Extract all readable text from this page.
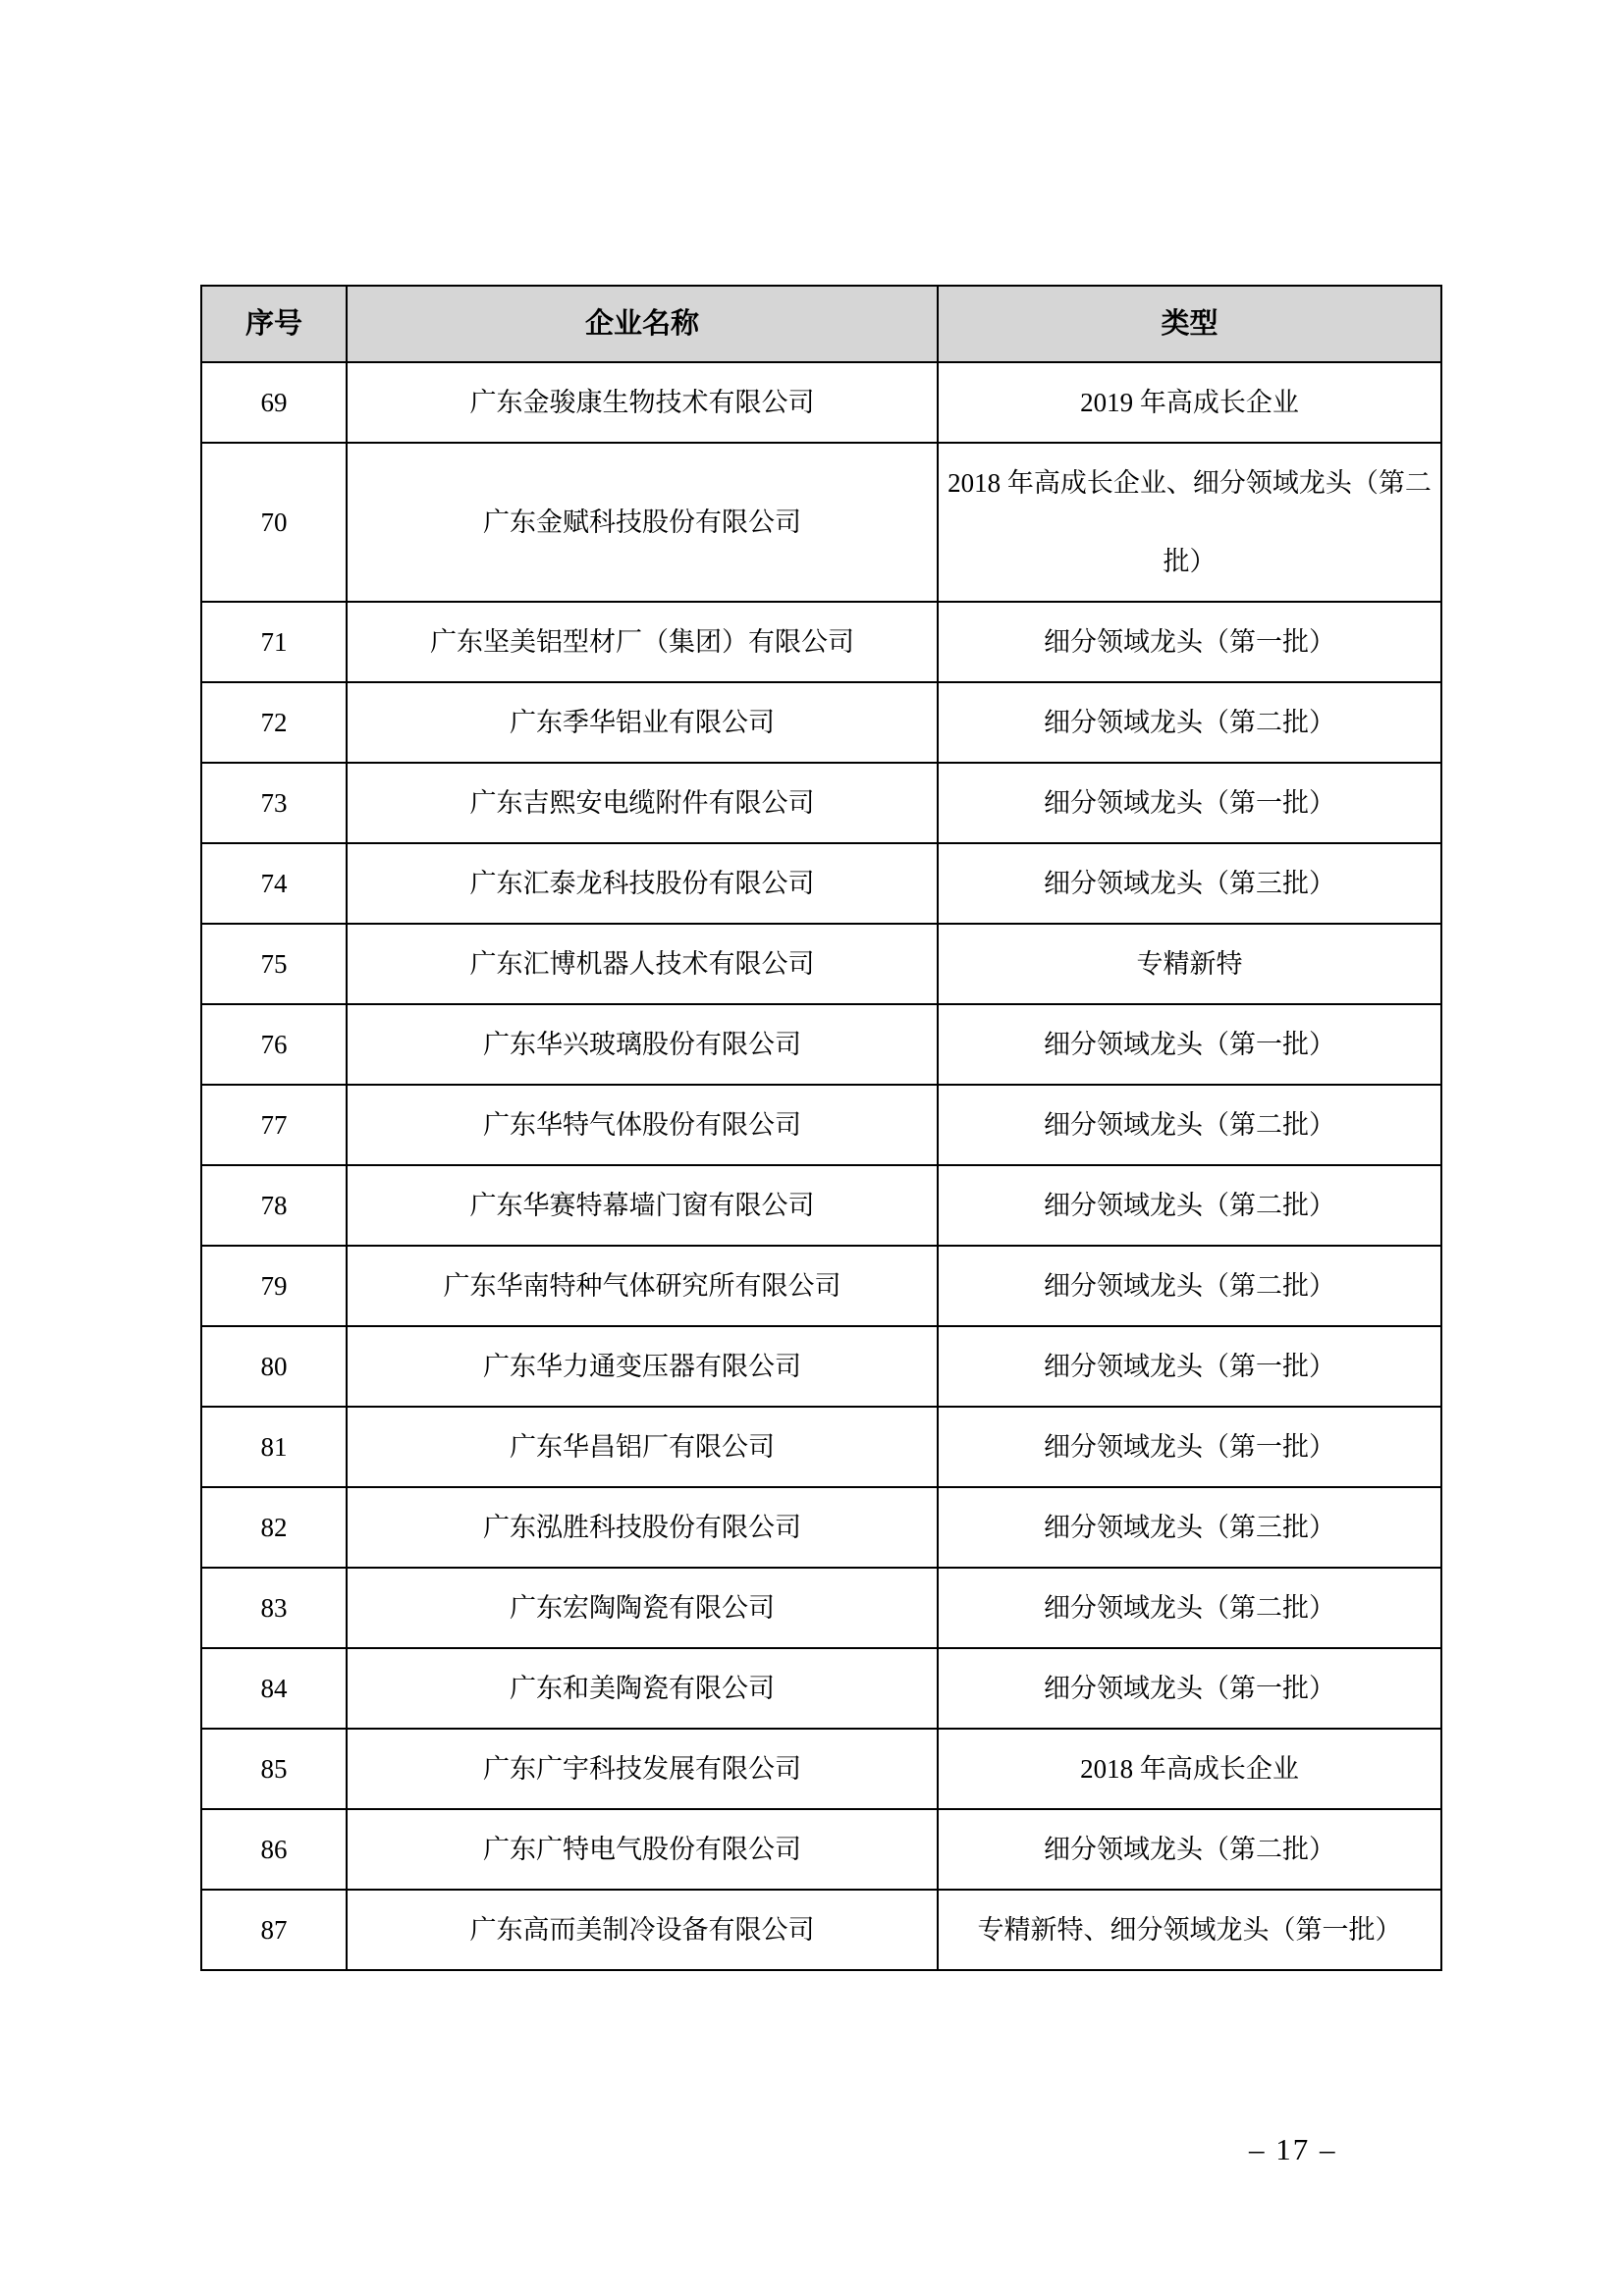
序号	企业名称	类型
69	广东金骏康生物技术有限公司	2019 年高成长企业
70	广东金赋科技股份有限公司	2018 年高成长企业、细分领域龙头（第二批）
71	广东坚美铝型材厂（集团）有限公司	细分领域龙头（第一批）
72	广东季华铝业有限公司	细分领域龙头（第二批）
73	广东吉熙安电缆附件有限公司	细分领域龙头（第一批）
74	广东汇泰龙科技股份有限公司	细分领域龙头（第三批）
75	广东汇博机器人技术有限公司	专精新特
76	广东华兴玻璃股份有限公司	细分领域龙头（第一批）
77	广东华特气体股份有限公司	细分领域龙头（第二批）
78	广东华赛特幕墙门窗有限公司	细分领域龙头（第二批）
79	广东华南特种气体研究所有限公司	细分领域龙头（第二批）
80	广东华力通变压器有限公司	细分领域龙头（第一批）
81	广东华昌铝厂有限公司	细分领域龙头（第一批）
82	广东泓胜科技股份有限公司	细分领域龙头（第三批）
83	广东宏陶陶瓷有限公司	细分领域龙头（第二批）
84	广东和美陶瓷有限公司	细分领域龙头（第一批）
85	广东广宇科技发展有限公司	2018 年高成长企业
86	广东广特电气股份有限公司	细分领域龙头（第二批）
87	广东高而美制冷设备有限公司	专精新特、细分领域龙头（第一批）
– 17 –
